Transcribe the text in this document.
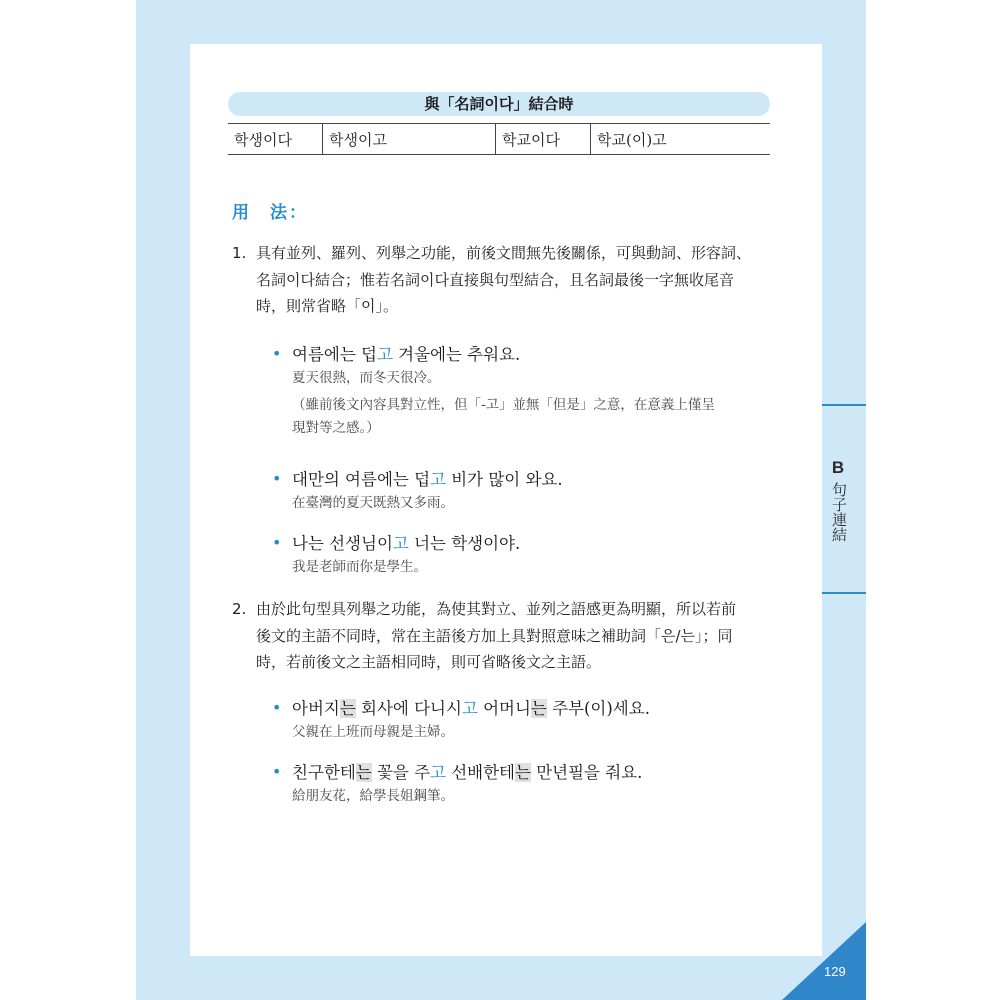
B
句子連結
129
與「名詞이다」結合時
학생이다	학생이고	학교이다	학교(이)고
用　法：
1. 具有並列、羅列、列舉之功能，前後文間無先後關係，可與動詞、形容詞、
名詞이다結合；惟若名詞이다直接與句型結合，且名詞最後一字無收尾音
時，則常省略「이」。
• 여름에는 덥고 겨울에는 추워요.
夏天很熱，而冬天很冷。
（雖前後文內容具對立性，但「-고」並無「但是」之意，在意義上僅呈
現對等之感。）
• 대만의 여름에는 덥고 비가 많이 와요.
在臺灣的夏天既熱又多雨。
• 나는 선생님이고 너는 학생이야.
我是老師而你是學生。
2. 由於此句型具列舉之功能，為使其對立、並列之語感更為明顯，所以若前
後文的主語不同時，常在主語後方加上具對照意味之補助詞「은/는」；同
時，若前後文之主語相同時，則可省略後文之主語。
• 아버지는 회사에 다니시고 어머니는 주부(이)세요.
父親在上班而母親是主婦。
• 친구한테는 꽃을 주고 선배한테는 만년필을 줘요.
給朋友花，給學長姐鋼筆。
